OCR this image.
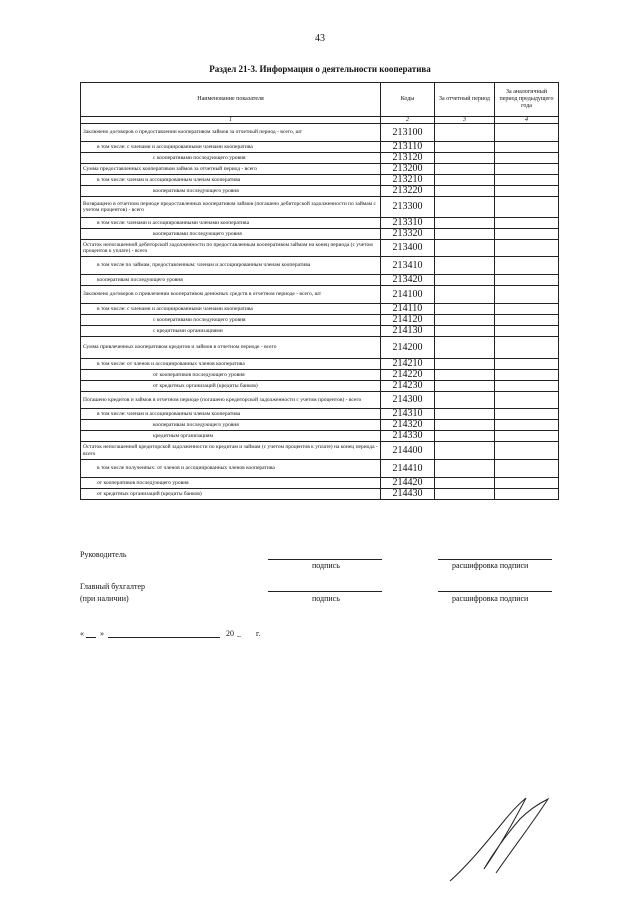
43
Раздел 21-3. Информация о деятельности кооператива
Наименование показателя	Коды	За отчетный период	За аналогичный период предыдущего года
1	2	3	4
Заключено договоров о предоставлении кооперативом займов за отчетный период - всего, шт	213100		
в том числе: с членами и ассоциированными членами кооператива	213110		
с кооперативами последующего уровня	213120		
Сумма предоставленных кооперативом займов за отчетный период - всего	213200		
в том числе: членам и ассоциированным членам кооператива	213210		
кооперативам последующего уровня	213220		
Возвращено в отчетном периоде предоставленных кооперативом займов (погашено дебиторской задолженности по займам с учетом процентов) - всего	213300		
в том числе: членами и ассоциированными членами кооператива	213310		
кооперативами последующего уровня	213320		
Остаток непогашенной дебиторской задолженности по предоставленным кооперативом займам на конец периода (с учетом процентов к уплате) - всего	213400		
в том числе по займам, предоставленным: членам и ассоциированным членам кооператива	213410		
кооперативам последующего уровня	213420		
Заключено договоров о привлечении кооперативом денежных средств в отчетном периоде - всего, шт	214100		
в том числе: с членами и ассоциированными членами кооператива	214110		
с кооперативами последующего уровня	214120		
с кредитными организациями	214130		
Сумма привлеченных кооперативом кредитов и займов в отчетном периоде - всего	214200		
в том числе: от членов и ассоциированных членов кооператива	214210		
от кооперативов последующего уровня	214220		
от кредитных организаций (кредиты банков)	214230		
Погашено кредитов и займов в отчетном периоде (погашено кредиторской задолженности с учетом процентов) - всего	214300		
в том числе: членам и ассоциированным членам кооператива	214310		
кооперативам последующего уровня	214320		
кредитным организациям	214330		
Остаток непогашенной кредиторской задолженности по кредитам и займам (с учетом процентов к уплате) на конец периода - всего	214400		
в том числе полученных: от членов и ассоциированных членов кооператива	214410		
от кооперативов последующего уровня	214420		
от кредитных организаций (кредиты банков)	214430		
Руководитель
подпись	расшифровка подписи
Главный бухгалтер
(при наличии)	подпись	расшифровка подписи
« »	20 _ г.
